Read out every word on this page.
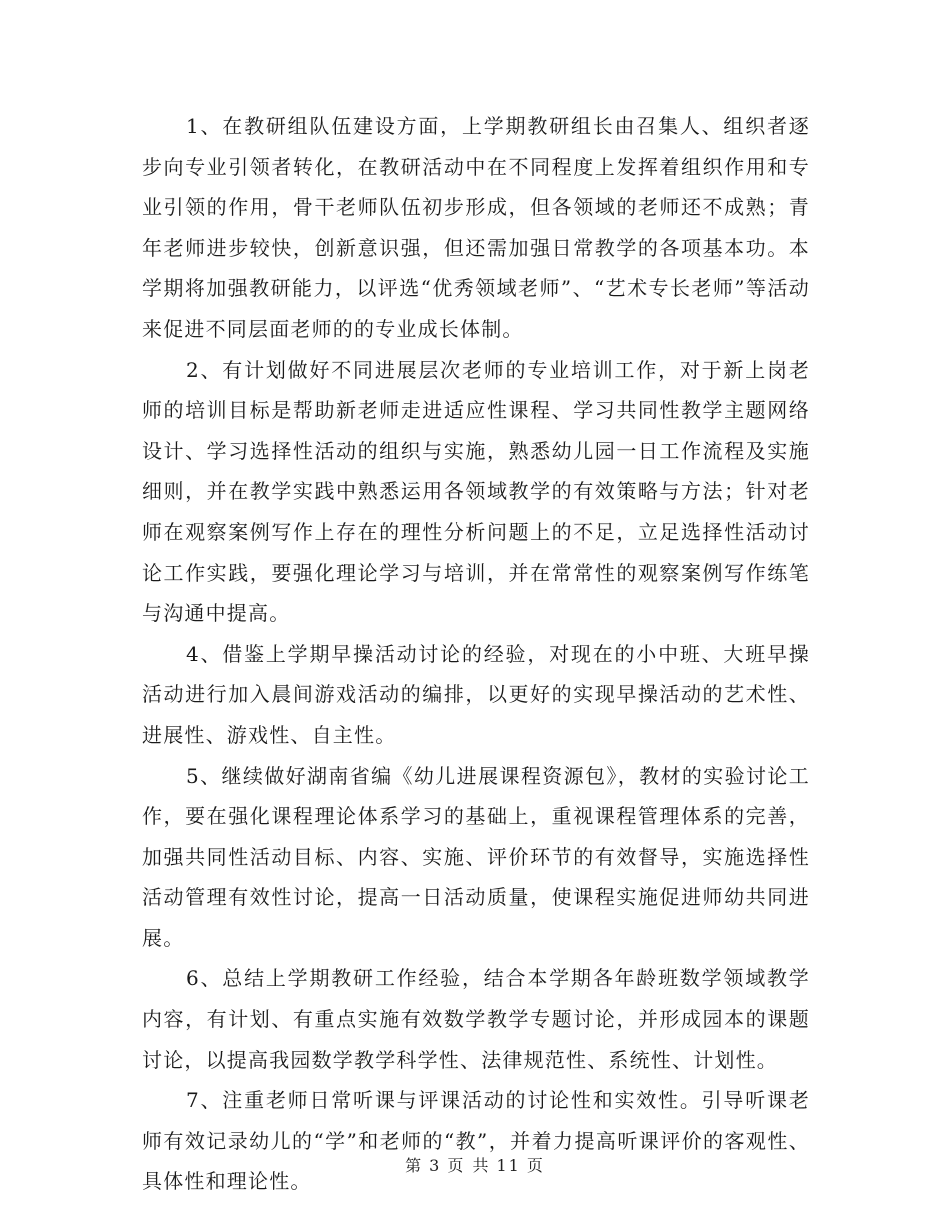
1、在教研组队伍建设方面，上学期教研组长由召集人、组织者逐步向专业引领者转化，在教研活动中在不同程度上发挥着组织作用和专业引领的作用，骨干老师队伍初步形成，但各领域的老师还不成熟；青年老师进步较快，创新意识强，但还需加强日常教学的各项基本功。本学期将加强教研能力，以评选“优秀领域老师”、“艺术专长老师”等活动来促进不同层面老师的的专业成长体制。

2、有计划做好不同进展层次老师的专业培训工作，对于新上岗老师的培训目标是帮助新老师走进适应性课程、学习共同性教学主题网络设计、学习选择性活动的组织与实施，熟悉幼儿园一日工作流程及实施细则，并在教学实践中熟悉运用各领域教学的有效策略与方法；针对老师在观察案例写作上存在的理性分析问题上的不足，立足选择性活动讨论工作实践，要强化理论学习与培训，并在常常性的观察案例写作练笔与沟通中提高。

4、借鉴上学期早操活动讨论的经验，对现在的小中班、大班早操活动进行加入晨间游戏活动的编排，以更好的实现早操活动的艺术性、进展性、游戏性、自主性。

5、继续做好湖南省编《幼儿进展课程资源包》，教材的实验讨论工作，要在强化课程理论体系学习的基础上，重视课程管理体系的完善，加强共同性活动目标、内容、实施、评价环节的有效督导，实施选择性活动管理有效性讨论，提高一日活动质量，使课程实施促进师幼共同进展。

6、总结上学期教研工作经验，结合本学期各年龄班数学领域教学内容，有计划、有重点实施有效数学教学专题讨论，并形成园本的课题讨论，以提高我园数学教学科学性、法律规范性、系统性、计划性。

7、注重老师日常听课与评课活动的讨论性和实效性。引导听课老师有效记录幼儿的“学”和老师的“教”，并着力提高听课评价的客观性、具体性和理论性。

第 3 页 共 11 页
